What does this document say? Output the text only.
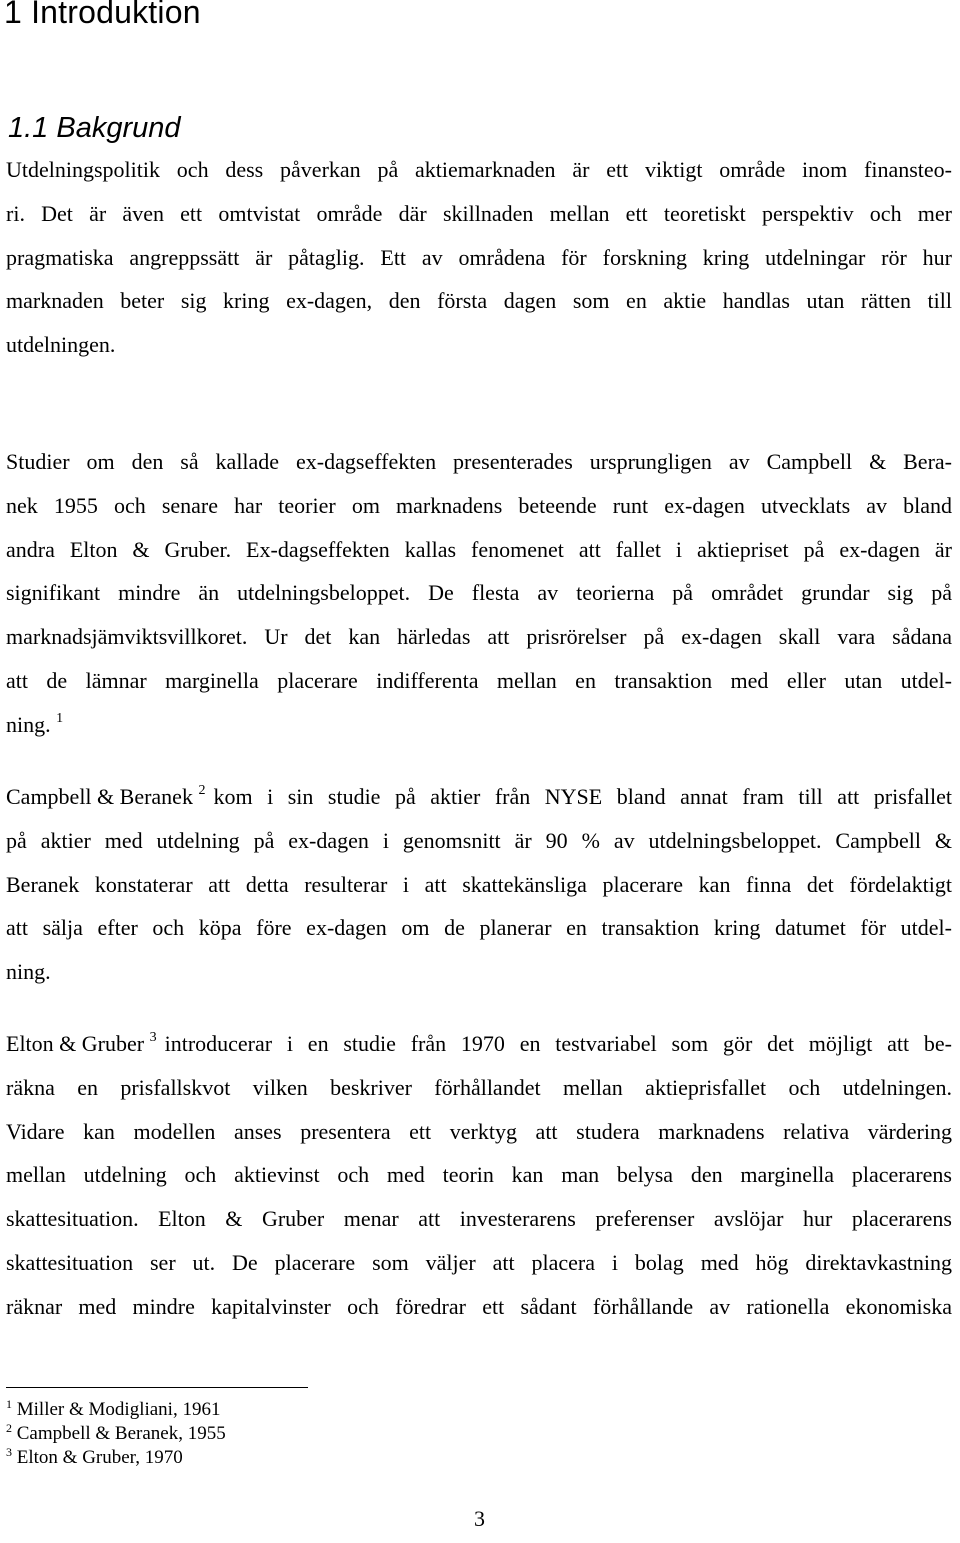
1 Introduktion
1.1 Bakgrund
Utdelningspolitik och dess påverkan på aktiemarknaden är ett viktigt område inom finansteo-
ri. Det är även ett omtvistat område där skillnaden mellan ett teoretiskt perspektiv och mer
pragmatiska angreppssätt är påtaglig. Ett av områdena för forskning kring utdelningar rör hur
marknaden beter sig kring ex-dagen, den första dagen som en aktie handlas utan rätten till
utdelningen.
Studier om den så kallade ex-dagseffekten presenterades ursprungligen av Campbell & Bera-
nek 1955 och senare har teorier om marknadens beteende runt ex-dagen utvecklats av bland
andra Elton & Gruber. Ex-dagseffekten kallas fenomenet att fallet i aktiepriset på ex-dagen är
signifikant mindre än utdelningsbeloppet. De flesta av teorierna på området grundar sig på
marknadsjämviktsvillkoret. Ur det kan härledas att prisrörelser på ex-dagen skall vara sådana
att de lämnar marginella placerare indifferenta mellan en transaktion med eller utan utdel-
ning. $^1$
Campbell & Beranek $^2$ kom i sin studie på aktier från NYSE bland annat fram till att prisfallet
på aktier med utdelning på ex-dagen i genomsnitt är 90 % av utdelningsbeloppet. Campbell &
Beranek konstaterar att detta resulterar i att skattekänsliga placerare kan finna det fördelaktigt
att sälja efter och köpa före ex-dagen om de planerar en transaktion kring datumet för utdel-
ning.
Elton & Gruber $^3$ introducerar i en studie från 1970 en testvariabel som gör det möjligt att be-
räkna en prisfallskvot vilken beskriver förhållandet mellan aktieprisfallet och utdelningen.
Vidare kan modellen anses presentera ett verktyg att studera marknadens relativa värdering
mellan utdelning och aktievinst och med teorin kan man belysa den marginella placerarens
skattesituation. Elton & Gruber menar att investerarens preferenser avslöjar hur placerarens
skattesituation ser ut. De placerare som väljer att placera i bolag med hög direktavkastning
räknar med mindre kapitalvinster och föredrar ett sådant förhållande av rationella ekonomiska
$^1$ Miller & Modigliani, 1961
$^2$ Campbell & Beranek, 1955
$^3$ Elton & Gruber, 1970
3
